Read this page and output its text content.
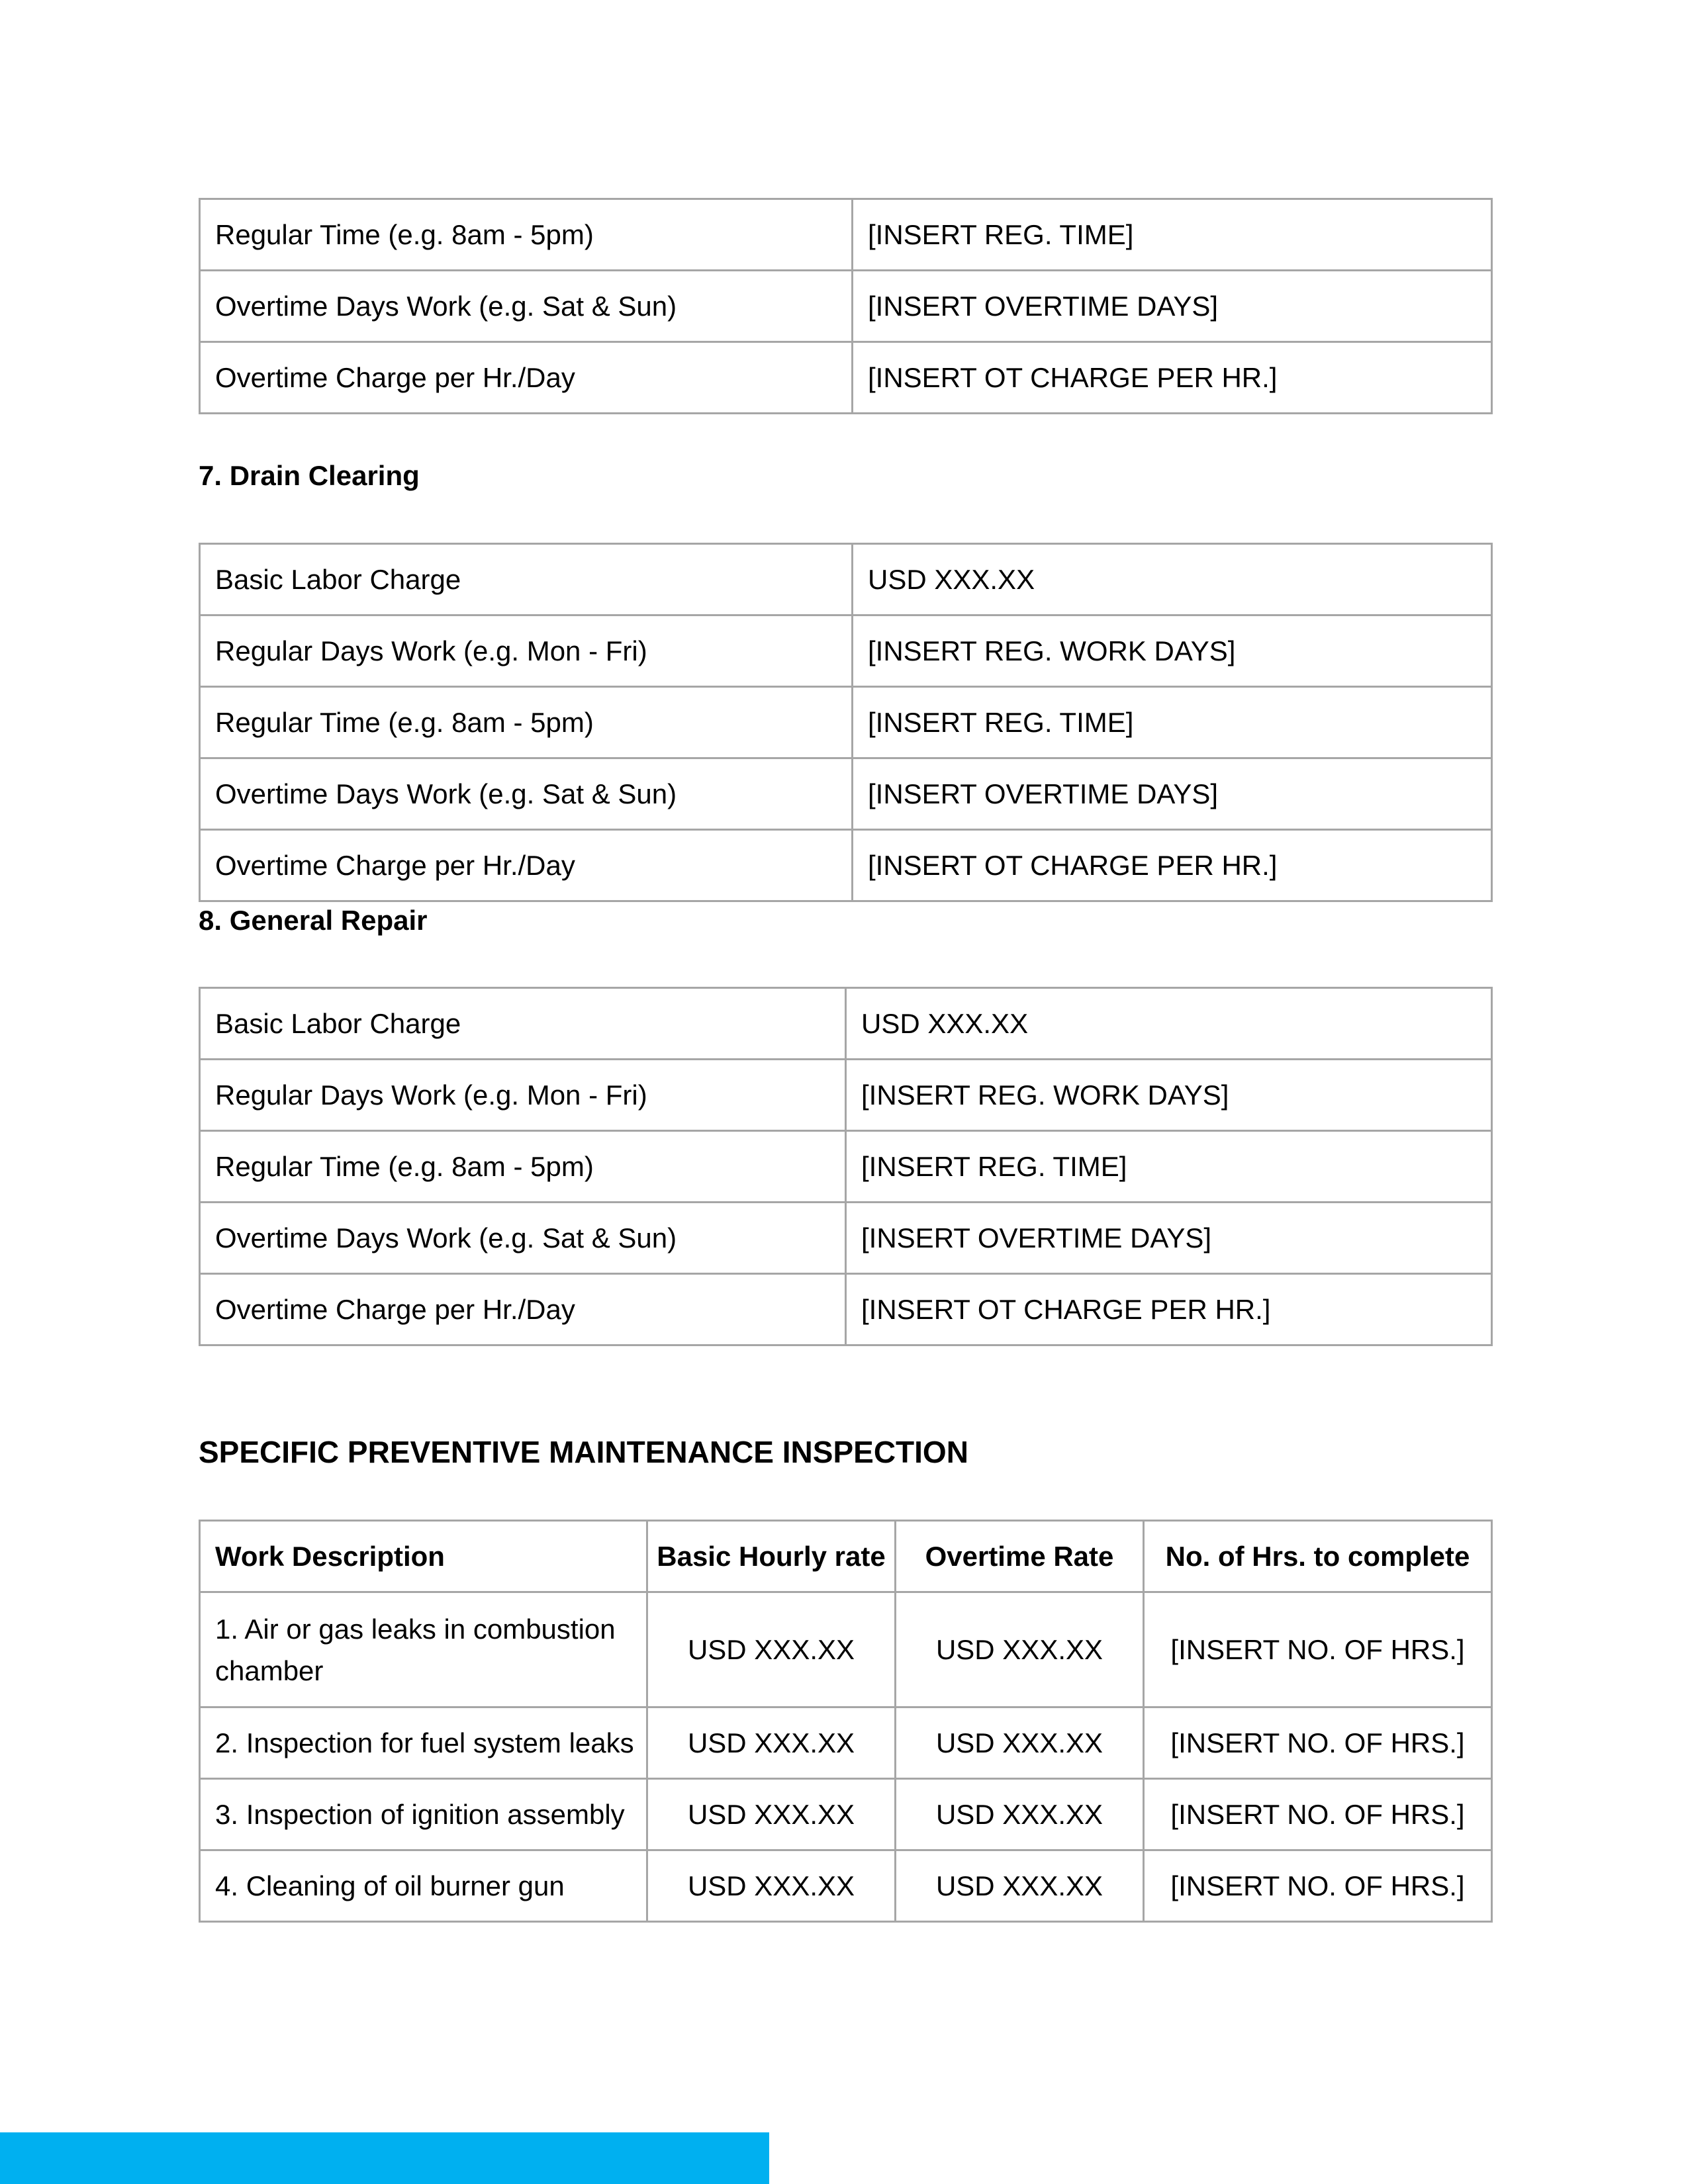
Regular Time (e.g. 8am - 5pm)	[INSERT REG. TIME]
Overtime Days Work (e.g. Sat & Sun)	[INSERT OVERTIME DAYS]
Overtime Charge per Hr./Day	[INSERT OT CHARGE PER HR.]
7. Drain Clearing
Basic Labor Charge	USD XXX.XX
Regular Days Work (e.g. Mon - Fri)	[INSERT REG. WORK DAYS]
Regular Time (e.g. 8am - 5pm)	[INSERT REG. TIME]
Overtime Days Work (e.g. Sat & Sun)	[INSERT OVERTIME DAYS]
Overtime Charge per Hr./Day	[INSERT OT CHARGE PER HR.]
8. General Repair
Basic Labor Charge	USD XXX.XX
Regular Days Work (e.g. Mon - Fri)	[INSERT REG. WORK DAYS]
Regular Time (e.g. 8am - 5pm)	[INSERT REG. TIME]
Overtime Days Work (e.g. Sat & Sun)	[INSERT OVERTIME DAYS]
Overtime Charge per Hr./Day	[INSERT OT CHARGE PER HR.]
SPECIFIC PREVENTIVE MAINTENANCE INSPECTION
Work Description	Basic Hourly rate	Overtime Rate	No. of Hrs. to complete
1. Air or gas leaks in combustion chamber	USD XXX.XX	USD XXX.XX	[INSERT NO. OF HRS.]
2. Inspection for fuel system leaks	USD XXX.XX	USD XXX.XX	[INSERT NO. OF HRS.]
3. Inspection of ignition assembly	USD XXX.XX	USD XXX.XX	[INSERT NO. OF HRS.]
4. Cleaning of oil burner gun	USD XXX.XX	USD XXX.XX	[INSERT NO. OF HRS.]
